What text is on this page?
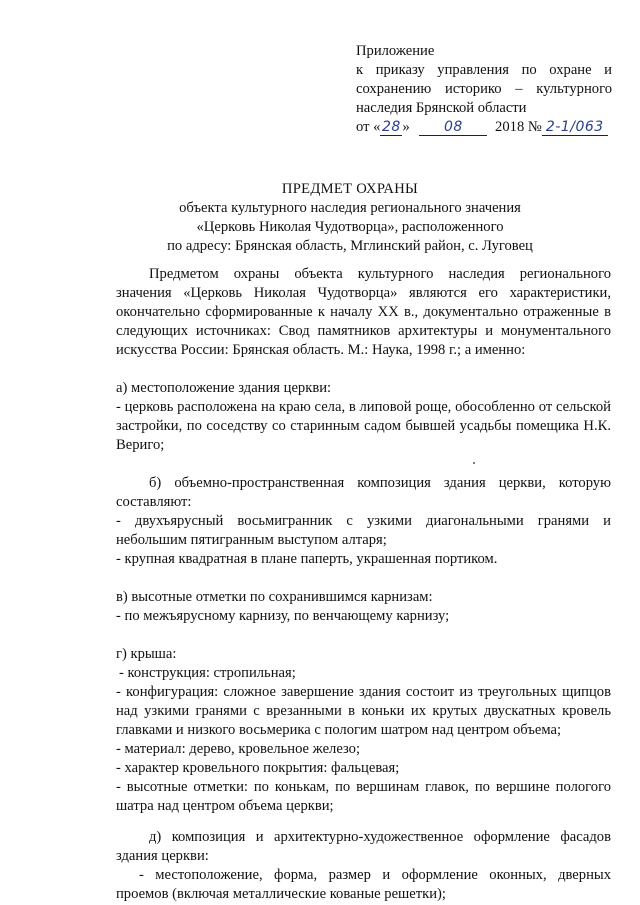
Приложение
к приказу управления по охране и
сохранению историко – культурного
наследия Брянской области
от « 28 » 08 2018 № 2-1/063
ПРЕДМЕТ ОХРАНЫ
объекта культурного наследия регионального значения
«Церковь Николая Чудотворца», расположенного
по адресу: Брянская область, Мглинский район, с. Луговец
Предметом охраны объекта культурного наследия регионального значения «Церковь Николая Чудотворца» являются его характеристики, окончательно сформированные к началу XX в., документально отраженные в следующих источниках: Свод памятников архитектуры и монументального искусства России: Брянская область. М.: Наука, 1998 г.; а именно:
а) местоположение здания церкви:
- церковь расположена на краю села, в липовой роще, обособленно от сельской застройки, по соседству со старинным садом бывшей усадьбы помещика Н.К. Вериго;
б) объемно-пространственная композиция здания церкви, которую составляют:
- двухъярусный восьмигранник с узкими диагональными гранями и небольшим пятигранным выступом алтаря;
- крупная квадратная в плане паперть, украшенная портиком.
в) высотные отметки по сохранившимся карнизам:
- по межъярусному карнизу, по венчающему карнизу;
г) крыша:
- конструкция: стропильная;
- конфигурация: сложное завершение здания состоит из треугольных щипцов над узкими гранями с врезанными в коньки их крутых двускатных кровель главками и низкого восьмерика с пологим шатром над центром объема;
- материал: дерево, кровельное железо;
- характер кровельного покрытия: фальцевая;
- высотные отметки: по конькам, по вершинам главок, по вершине пологого шатра над центром объема церкви;
д) композиция и архитектурно-художественное оформление фасадов здания церкви:
- местоположение, форма, размер и оформление оконных, дверных проемов (включая металлические кованые решетки);
